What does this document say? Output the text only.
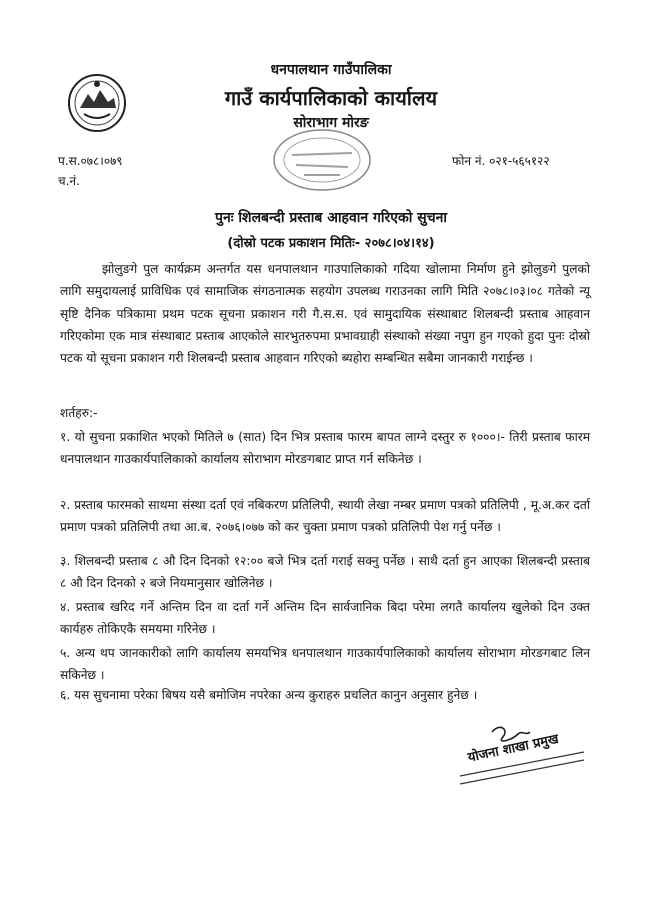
धनपालथान गाउँपालिका
गाउँ कार्यपालिकाको कार्यालय
सोराभाग मोरङ
प.स.०७८।०७९
च.नं.
फोन नं. ०२१-५६५१२२
पुनः शिलबन्दी प्रस्ताब आहवान गरिएको सुचना
(दोस्रो पटक प्रकाशन मितिः- २०७८।०४।१४)
झोलुङगे पुल कार्यक्रम अन्तर्गत यस धनपालथान गाउपालिकाको गदिया खोलामा निर्माण हुने झोलुङगे पुलको लागि समुदायलाई प्राविधिक एवं सामाजिक संगठनात्मक सहयोग उपलब्ध गराउनका लागि मिति २०७८।०३।०८ गतेको न्यू सृष्टि दैनिक पत्रिकामा प्रथम पटक सूचना प्रकाशन गरी गै.स.स. एवं सामुदायिक संस्थाबाट शिलबन्दी प्रस्ताब आहवान गरिएकोमा एक मात्र संस्थाबाट प्रस्ताब आएकोले सारभुतरुपमा प्रभावग्राही संस्थाको संख्या नपुग हुन गएको हुदा पुनः दोस्रो पटक यो सूचना प्रकाशन गरी शिलबन्दी प्रस्ताब आहवान गरिएको ब्यहोरा सम्बन्धित सबैमा जानकारी गराईन्छ ।
शर्तहरु:-
१. यो सुचना प्रकाशित भएको मितिले ७ (सात) दिन भित्र प्रस्ताब फारम बापत लाग्ने दस्तुर रु १०००।- तिरी प्रस्ताब फारम धनपालथान गाउकार्यपालिकाको कार्यालय सोराभाग मोरङगबाट प्राप्त गर्न सकिनेछ ।
२. प्रस्ताब फारमको साथमा संस्था दर्ता एवं नबिकरण प्रतिलिपी, स्थायी लेखा नम्बर प्रमाण पत्रको प्रतिलिपी , मू.अ.कर दर्ता प्रमाण पत्रको प्रतिलिपी तथा आ.ब. २०७६।०७७ को कर चुक्ता प्रमाण पत्रको प्रतिलिपी पेश गर्नु पर्नेछ ।
३. शिलबन्दी प्रस्ताब ८ औ दिन दिनको १२:०० बजे भित्र दर्ता गराई सक्नु पर्नेछ । साथै दर्ता हुन आएका शिलबन्दी प्रस्ताब ८ औ दिन दिनको २ बजे नियमानुसार खोलिनेछ ।
४. प्रस्ताब खरिद गर्ने अन्तिम दिन वा दर्ता गर्ने अन्तिम दिन सार्वजानिक बिदा परेमा लगतै कार्यालय खुलेको दिन उक्त कार्यहरु तोकिएकै समयमा गरिनेछ ।
५. अन्य थप जानकारीको लागि कार्यालय समयभित्र धनपालथान गाउकार्यपालिकाको कार्यालय सोराभाग मोरङगबाट लिन सकिनेछ ।
६. यस सुचनामा परेका बिषय यसै बमोजिम नपरेका अन्य कुराहरु प्रचलित कानुन अनुसार हुनेछ ।
योजना शाखा प्रमुख
